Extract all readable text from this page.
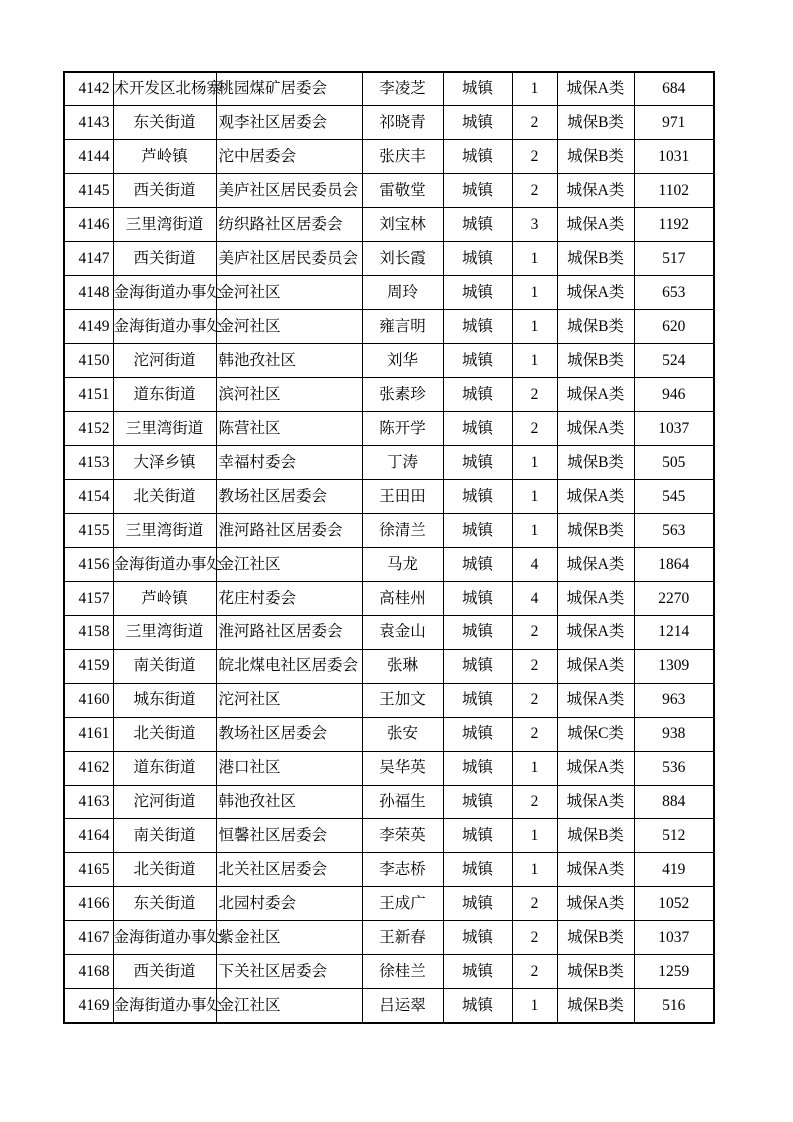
4142	术开发区北杨寨	桃园煤矿居委会	李凌芝	城镇	1	城保A类	684
4143	东关街道	观李社区居委会	祁晓青	城镇	2	城保B类	971
4144	芦岭镇	沱中居委会	张庆丰	城镇	2	城保B类	1031
4145	西关街道	美庐社区居民委员会	雷敬堂	城镇	2	城保A类	1102
4146	三里湾街道	纺织路社区居委会	刘宝林	城镇	3	城保A类	1192
4147	西关街道	美庐社区居民委员会	刘长霞	城镇	1	城保B类	517
4148	金海街道办事处	金河社区	周玲	城镇	1	城保A类	653
4149	金海街道办事处	金河社区	雍言明	城镇	1	城保B类	620
4150	沱河街道	韩池孜社区	刘华	城镇	1	城保B类	524
4151	道东街道	滨河社区	张素珍	城镇	2	城保A类	946
4152	三里湾街道	陈营社区	陈开学	城镇	2	城保A类	1037
4153	大泽乡镇	幸福村委会	丁涛	城镇	1	城保B类	505
4154	北关街道	教场社区居委会	王田田	城镇	1	城保A类	545
4155	三里湾街道	淮河路社区居委会	徐清兰	城镇	1	城保B类	563
4156	金海街道办事处	金江社区	马龙	城镇	4	城保A类	1864
4157	芦岭镇	花庄村委会	高桂州	城镇	4	城保A类	2270
4158	三里湾街道	淮河路社区居委会	袁金山	城镇	2	城保A类	1214
4159	南关街道	皖北煤电社区居委会	张琳	城镇	2	城保A类	1309
4160	城东街道	沱河社区	王加文	城镇	2	城保A类	963
4161	北关街道	教场社区居委会	张安	城镇	2	城保C类	938
4162	道东街道	港口社区	吴华英	城镇	1	城保A类	536
4163	沱河街道	韩池孜社区	孙福生	城镇	2	城保A类	884
4164	南关街道	恒馨社区居委会	李荣英	城镇	1	城保B类	512
4165	北关街道	北关社区居委会	李志桥	城镇	1	城保A类	419
4166	东关街道	北园村委会	王成广	城镇	2	城保A类	1052
4167	金海街道办事处	紫金社区	王新春	城镇	2	城保B类	1037
4168	西关街道	下关社区居委会	徐桂兰	城镇	2	城保B类	1259
4169	金海街道办事处	金江社区	吕运翠	城镇	1	城保B类	516
